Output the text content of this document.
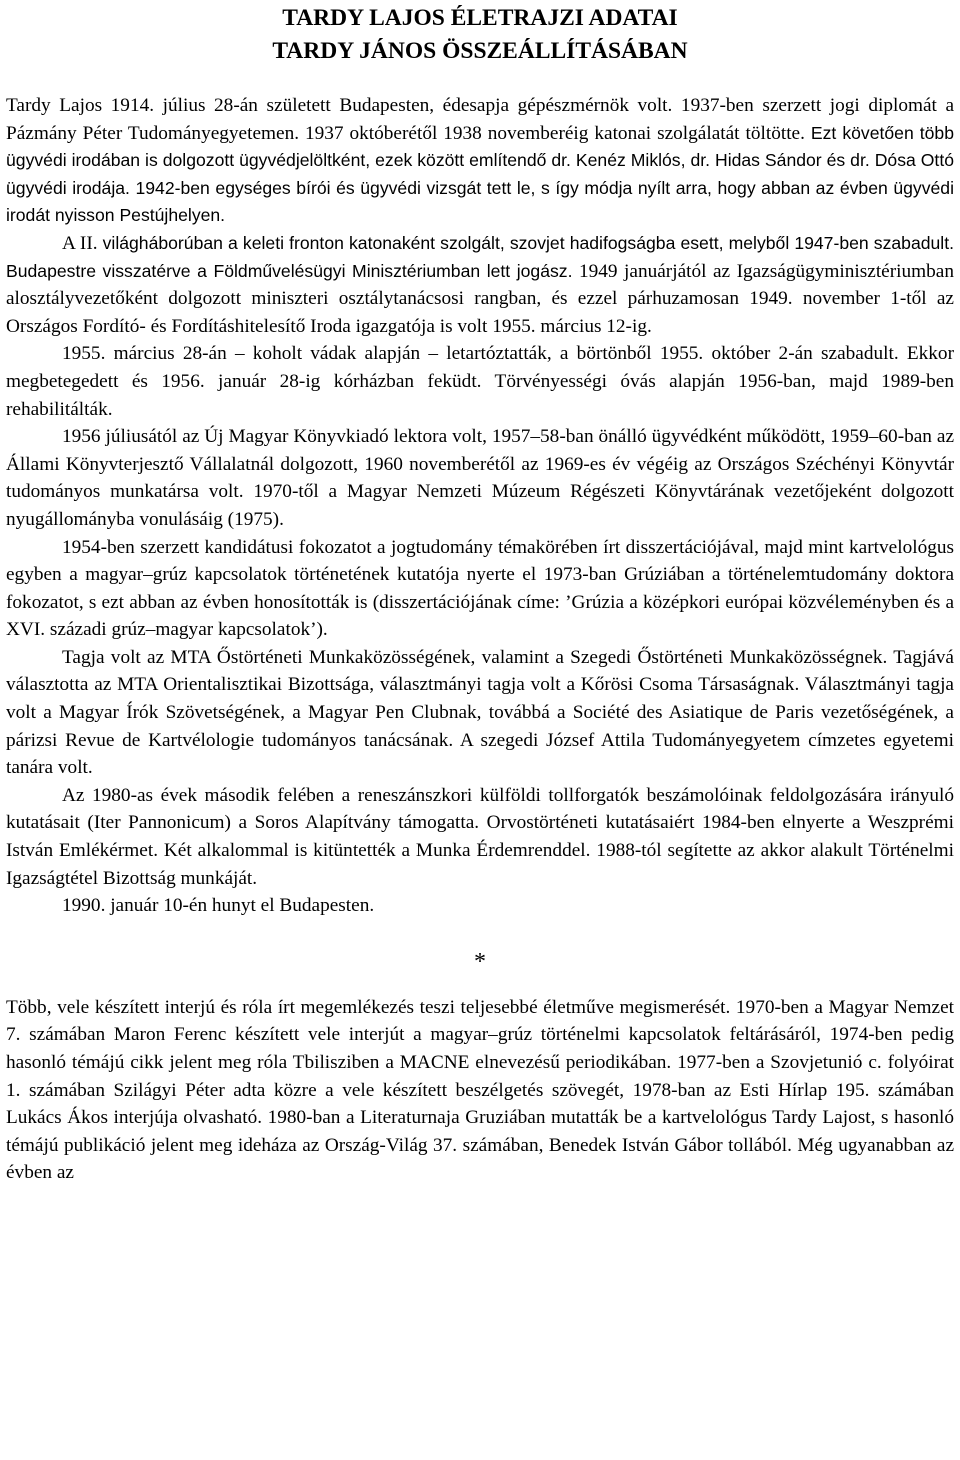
TARDY LAJOS ÉLETRAJZI ADATAI
TARDY JÁNOS ÖSSZEÁLLÍTÁSÁBAN

Tardy Lajos 1914. július 28-án született Budapesten, édesapja gépészmérnök volt. 1937-ben szerzett jogi diplomát a Pázmány Péter Tudományegyetemen. 1937 októberétől 1938 novemberéig katonai szolgálatát töltötte. Ezt követően több ügyvédi irodában is dolgozott ügyvédjelöltként, ezek között említendő dr. Kenéz Miklós, dr. Hidas Sándor és dr. Dósa Ottó ügyvédi irodája. 1942-ben egységes bírói és ügyvédi vizsgát tett le, s így módja nyílt arra, hogy abban az évben ügyvédi irodát nyisson Pestújhelyen.

A II. világháborúban a keleti fronton katonaként szolgált, szovjet hadifogságba esett, melyből 1947-ben szabadult. Budapestre visszatérve a Földművelésügyi Minisztériumban lett jogász. 1949 januárjától az Igazságügyminisztériumban alosztályvezetőként dolgozott miniszteri osztálytanácsosi rangban, és ezzel párhuzamosan 1949. november 1-től az Országos Fordító- és Fordításhitelesítő Iroda igazgatója is volt 1955. március 12-ig.

1955. március 28-án – koholt vádak alapján – letartóztatták, a börtönből 1955. október 2-án szabadult. Ekkor megbetegedett és 1956. január 28-ig kórházban feküdt. Törvényességi óvás alapján 1956-ban, majd 1989-ben rehabilitálták.

1956 júliusától az Új Magyar Könyvkiadó lektora volt, 1957–58-ban önálló ügyvédként működött, 1959–60-ban az Állami Könyvterjesztő Vállalatnál dolgozott, 1960 novemberétől az 1969-es év végéig az Országos Széchényi Könyvtár tudományos munkatársa volt. 1970-től a Magyar Nemzeti Múzeum Régészeti Könyvtárának vezetőjeként dolgozott nyugállományba vonulásáig (1975).

1954-ben szerzett kandidátusi fokozatot a jogtudomány témakörében írt disszertációjával, majd mint kartvelológus egyben a magyar–grúz kapcsolatok történetének kutatója nyerte el 1973-ban Grúziában a történelemtudomány doktora fokozatot, s ezt abban az évben honosították is (disszertációjának címe: ’Grúzia a középkori európai közvéleményben és a XVI. századi grúz–magyar kapcsolatok’).

Tagja volt az MTA Őstörténeti Munkaközösségének, valamint a Szegedi Őstörténeti Munkaközösségnek. Tagjává választotta az MTA Orientalisztikai Bizottsága, választmányi tagja volt a Kőrösi Csoma Társaságnak. Választmányi tagja volt a Magyar Írók Szövetségének, a Magyar Pen Clubnak, továbbá a Société des Asiatique de Paris vezetőségének, a párizsi Revue de Kartvélologie tudományos tanácsának. A szegedi József Attila Tudományegyetem címzetes egyetemi tanára volt.

Az 1980-as évek második felében a reneszánszkori külföldi tollforgatók beszámolóinak feldolgozására irányuló kutatásait (Iter Pannonicum) a Soros Alapítvány támogatta. Orvostörténeti kutatásaiért 1984-ben elnyerte a Weszprémi István Emlékérmet. Két alkalommal is kitüntették a Munka Érdemrenddel. 1988-tól segítette az akkor alakult Történelmi Igazságtétel Bizottság munkáját.

1990. január 10-én hunyt el Budapesten.

*

Több, vele készített interjú és róla írt megemlékezés teszi teljesebbé életműve megismerését. 1970-ben a Magyar Nemzet 7. számában Maron Ferenc készített vele interjút a magyar–grúz történelmi kapcsolatok feltárásáról, 1974-ben pedig hasonló témájú cikk jelent meg róla Tbilisziben a MACNE elnevezésű periodikában. 1977-ben a Szovjetunió c. folyóirat 1. számában Szilágyi Péter adta közre a vele készített beszélgetés szövegét, 1978-ban az Esti Hírlap 195. számában Lukács Ákos interjúja olvasható. 1980-ban a Literaturnaja Gruziában mutatták be a kartvelológus Tardy Lajost, s hasonló témájú publikáció jelent meg ideháza az Ország-Világ 37. számában, Benedek István Gábor tollából. Még ugyanabban az évben az
